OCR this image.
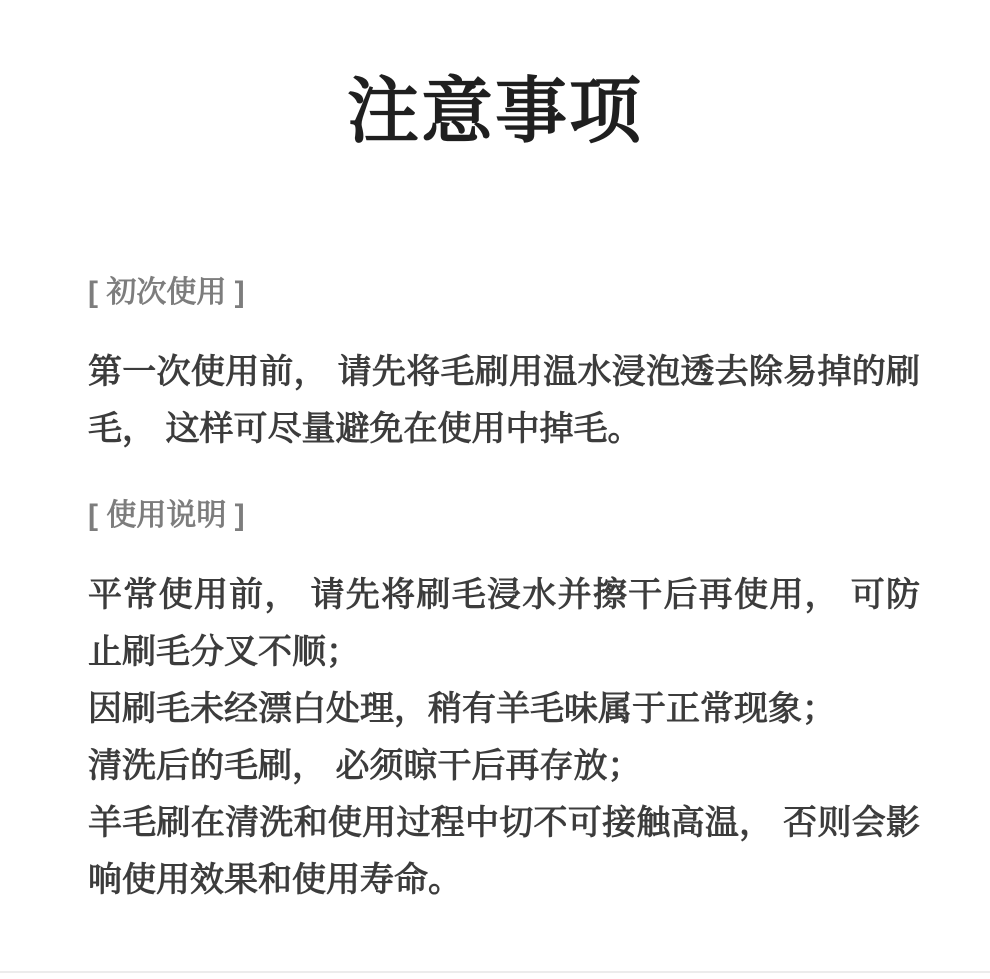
注意事项
[ 初次使用 ]

第一次使用前， 请先将毛刷用温水浸泡透去除易掉的刷毛， 这样可尽量避免在使用中掉毛。

[ 使用说明 ]

平常使用前， 请先将刷毛浸水并擦干后再使用， 可防止刷毛分叉不顺；

因刷毛未经漂白处理，稍有羊毛味属于正常现象；

清洗后的毛刷， 必须晾干后再存放；

羊毛刷在清洗和使用过程中切不可接触高温， 否则会影响使用效果和使用寿命。
